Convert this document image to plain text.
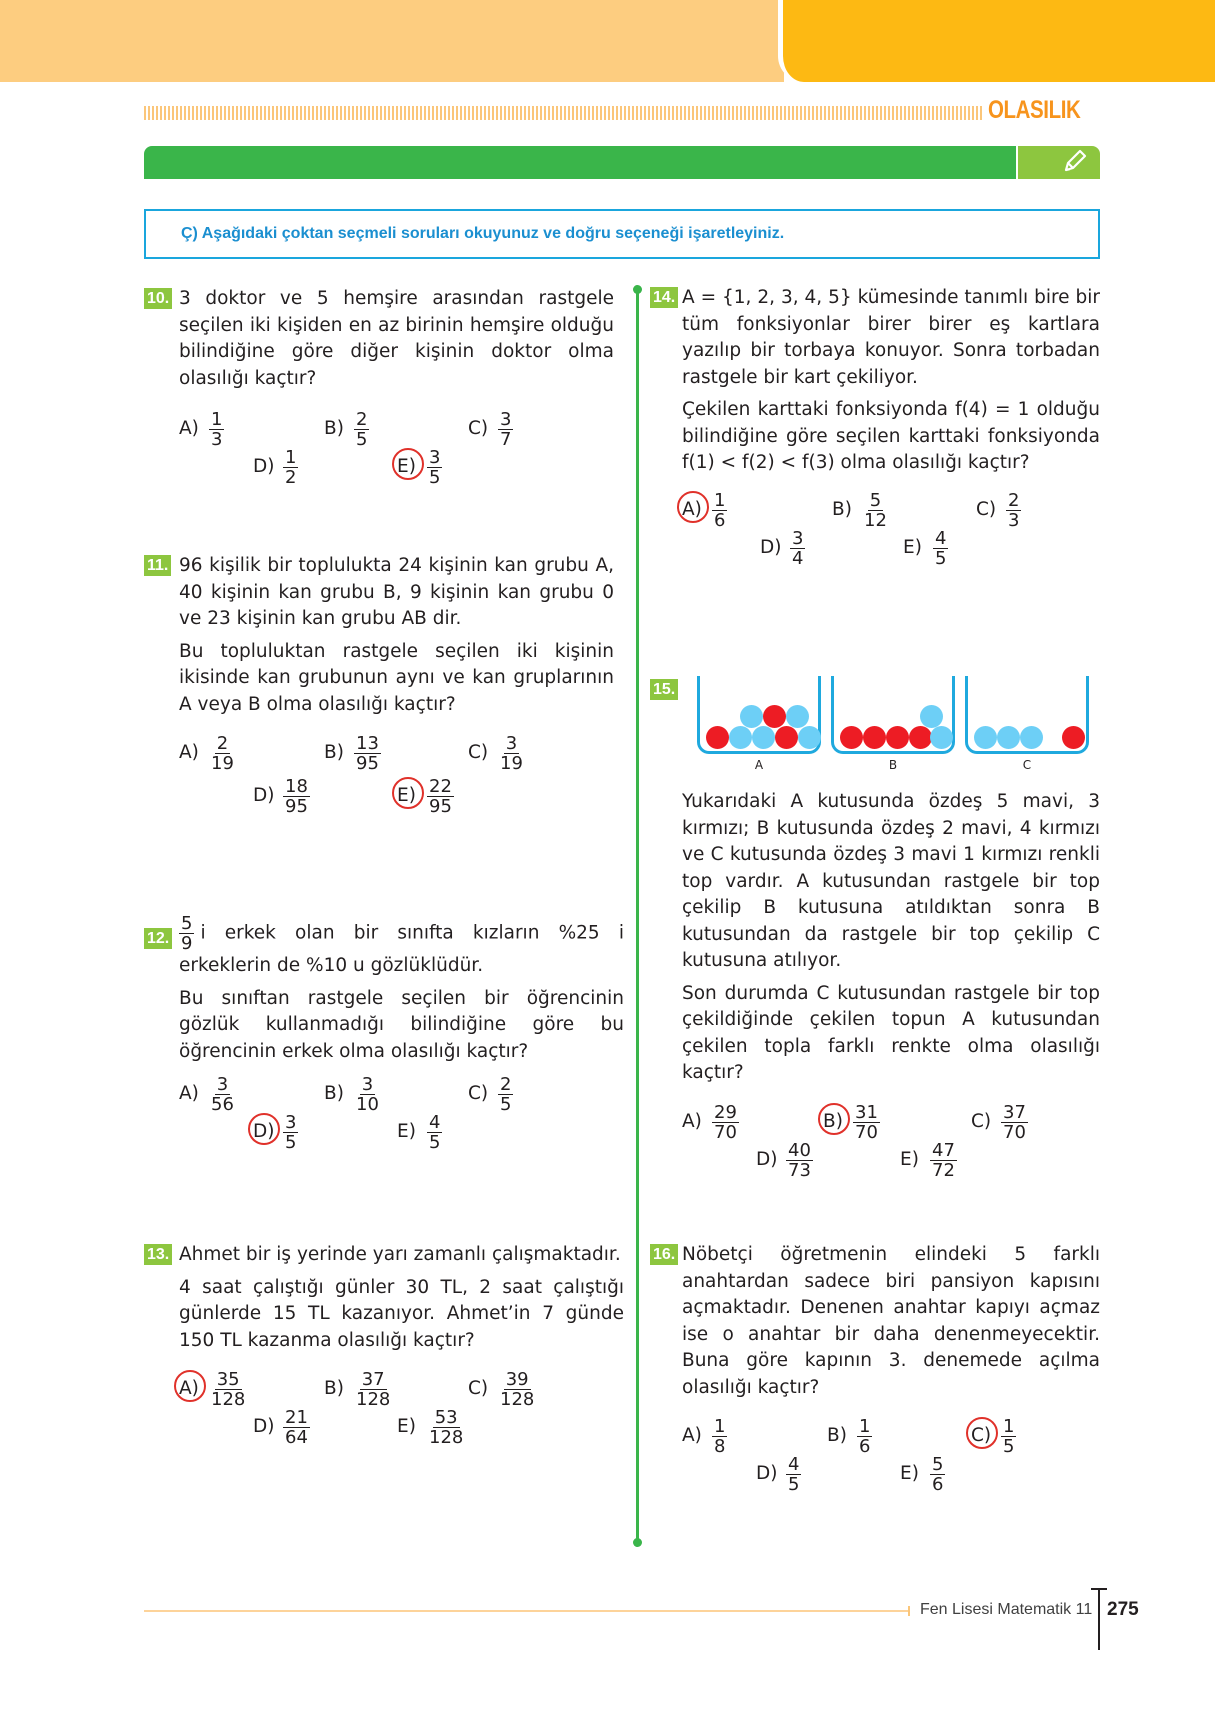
OLASILIK
Ç) Aşağıdaki çoktan seçmeli soruları okuyunuz ve doğru seçeneği işaretleyiniz.
10. 3 doktor ve 5 hemşire arasından rastgele seçilen iki kişiden en az birinin hemşire olduğu bilindiğine göre diğer kişinin doktor olma olasılığı kaçtır?

$A) \frac{1}{3}$	$B) \frac{2}{5}$	$C) \frac{3}{7}$
$D) \frac{1}{2}$	$E) \frac{3}{5}$
11. 96 kişilik bir toplulukta 24 kişinin kan grubu A, 40 kişinin kan grubu B, 9 kişinin kan grubu 0 ve 23 kişinin kan grubu AB dir.

Bu topluluktan rastgele seçilen iki kişinin ikisinde kan grubunun aynı ve kan gruplarının A veya B olma olasılığı kaçtır?

$A) \frac{2}{19}$	$B) \frac{13}{95}$	$C) \frac{3}{19}$
$D) \frac{18}{95}$	$E) \frac{22}{95}$
12. $\frac{5}{9}$ i erkek olan bir sınıfta kızların %25 i erkeklerin de %10 u gözlüklüdür.

Bu sınıftan rastgele seçilen bir öğrencinin gözlük kullanmadığı bilindiğine göre bu öğrencinin erkek olma olasılığı kaçtır?

$A) \frac{3}{56}$	$B) \frac{3}{10}$	$C) \frac{2}{5}$
$D) \frac{3}{5}$	$E) \frac{4}{5}$
13. Ahmet bir iş yerinde yarı zamanlı çalışmaktadır.

4 saat çalıştığı günler 30 TL, 2 saat çalıştığı günlerde 15 TL kazanıyor. Ahmet’in 7 günde 150 TL kazanma olasılığı kaçtır?

$A) \frac{35}{128}$	$B) \frac{37}{128}$	$C) \frac{39}{128}$
$D) \frac{21}{64}$	$E) \frac{53}{128}$
14. A = {1, 2, 3, 4, 5} kümesinde tanımlı bire bir tüm fonksiyonlar birer birer eş kartlara yazılıp bir torbaya konuyor. Sonra torbadan rastgele bir kart çekiliyor.

Çekilen karttaki fonksiyonda f(4) = 1 olduğu bilindiğine göre seçilen karttaki fonksiyonda f(1) < f(2) < f(3) olma olasılığı kaçtır?

$A) \frac{1}{6}$	$B) \frac{5}{12}$	$C) \frac{2}{3}$
$D) \frac{3}{4}$	$E) \frac{4}{5}$
15.
A	B	C

Yukarıdaki A kutusunda özdeş 5 mavi, 3 kırmızı; B kutusunda özdeş 2 mavi, 4 kırmızı ve C kutusunda özdeş 3 mavi 1 kırmızı renkli top vardır. A kutusundan rastgele bir top çekilip B kutusuna atıldıktan sonra B kutusundan da rastgele bir top çekilip C kutusuna atılıyor.

Son durumda C kutusundan rastgele bir top çekildiğinde çekilen topun A kutusundan çekilen topla farklı renkte olma olasılığı kaçtır?

$A) \frac{29}{70}$	$B) \frac{31}{70}$	$C) \frac{37}{70}$
$D) \frac{40}{73}$	$E) \frac{47}{72}$
16. Nöbetçi öğretmenin elindeki 5 farklı anahtardan sadece biri pansiyon kapısını açmaktadır. Denenen anahtar kapıyı açmaz ise o anahtar bir daha denenmeyecektir. Buna göre kapının 3. denemede açılma olasılığı kaçtır?

$A) \frac{1}{8}$	$B) \frac{1}{6}$	$C) \frac{1}{5}$
$D) \frac{4}{5}$	$E) \frac{5}{6}$
Fen Lisesi Matematik 11 275
